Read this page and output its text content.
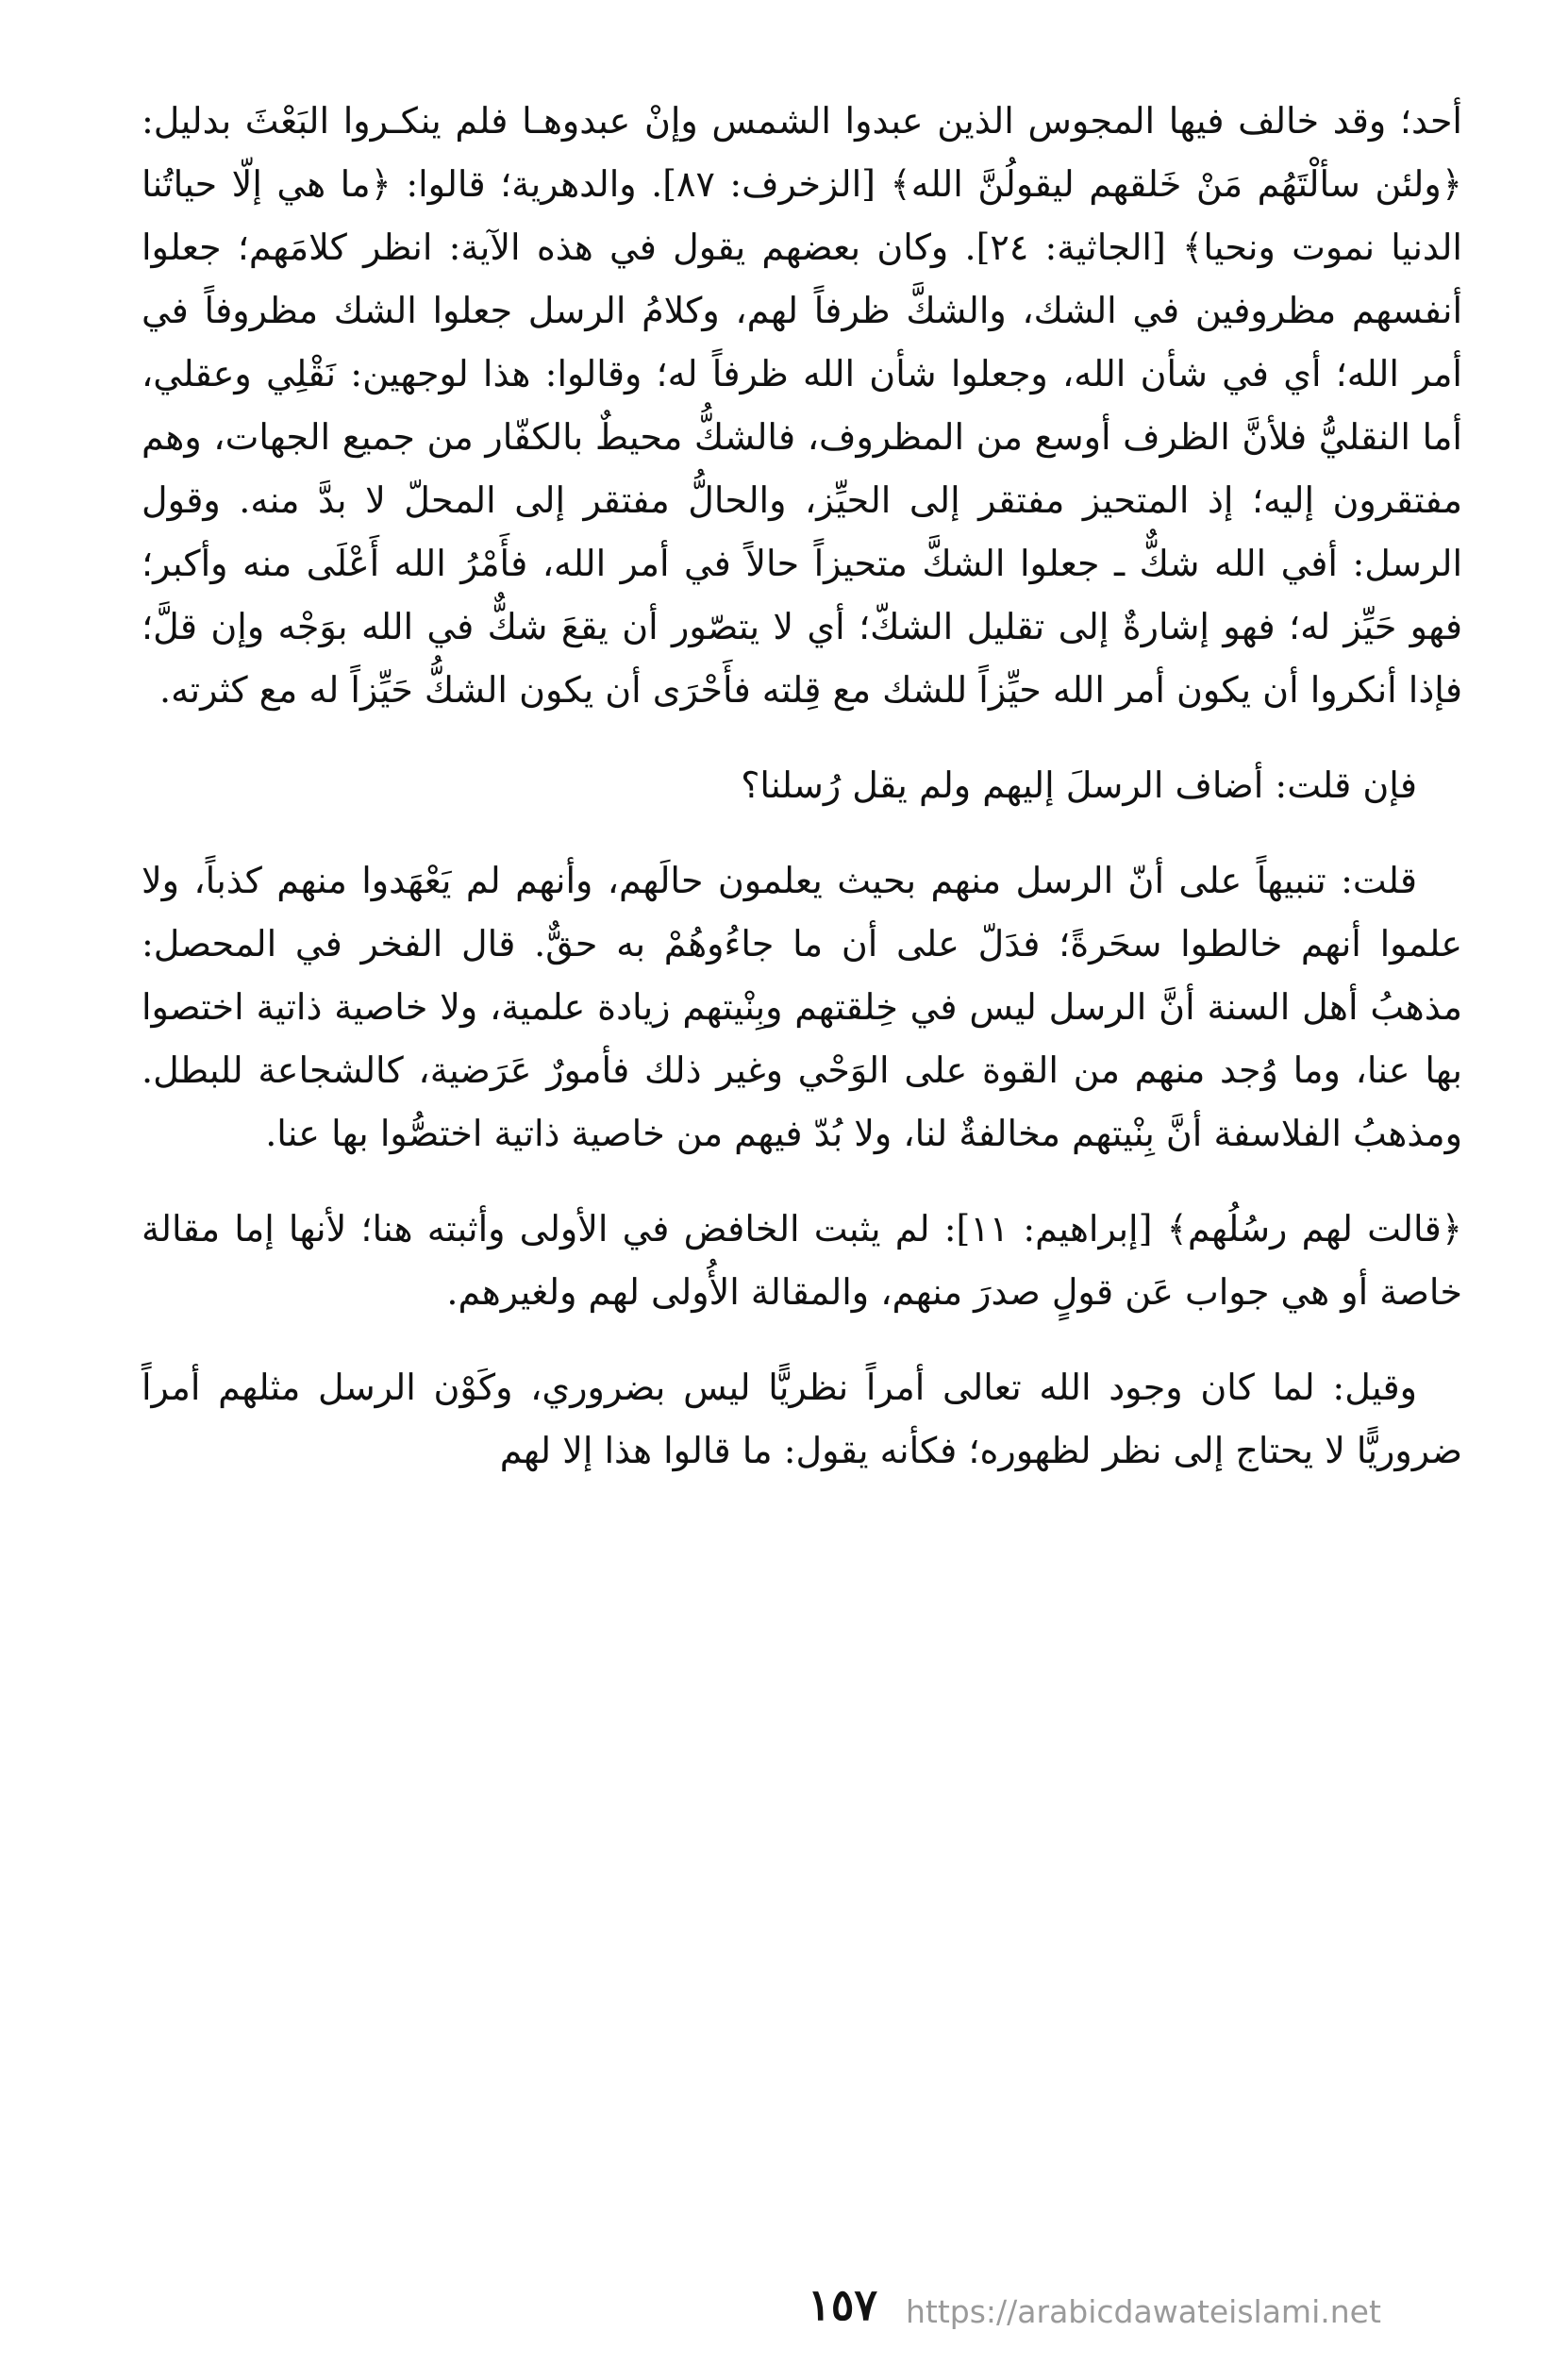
أحد؛ وقد خالف فيها المجوس الذين عبدوا الشمس وإنْ عبدوهـا فلم ينكـروا البَعْثَ بدليل: ﴿ولئن سألْتَهُم مَنْ خَلقهم ليقولُنَّ الله﴾ [الزخرف: ٨٧]. والدهرية؛ قالوا: ﴿ما هي إلّا حياتُنا الدنيا نموت ونحيا﴾ [الجاثية: ٢٤]. وكان بعضهم يقول في هذه الآية: انظر كلامَهم؛ جعلوا أنفسهم مظروفين في الشك، والشكَّ ظرفاً لهم، وكلامُ الرسل جعلوا الشك مظروفاً في أمر الله؛ أي في شأن الله، وجعلوا شأن الله ظرفاً له؛ وقالوا: هذا لوجهين: نَقْلِي وعقلي، أما النقليُّ فلأنَّ الظرف أوسع من المظروف، فالشكُّ محيطٌ بالكفّار من جميع الجهات، وهم مفتقرون إليه؛ إذ المتحيز مفتقر إلى الحيِّز، والحالُّ مفتقر إلى المحلّ لا بدَّ منه. وقول الرسل: أفي الله شكٌّ ـ جعلوا الشكَّ متحيزاً حالاً في أمر الله، فأَمْرُ الله أَعْلَى منه وأكبر؛ فهو حَيِّز له؛ فهو إشارةٌ إلى تقليل الشكّ؛ أي لا يتصّور أن يقعَ شكٌّ في الله بوَجْه وإن قلَّ؛ فإذا أنكروا أن يكون أمر الله حيِّزاً للشك مع قِلته فأَحْرَى أن يكون الشكُّ حَيِّزاً له مع كثرته.

فإن قلت: أضاف الرسلَ إليهم ولم يقل رُسلنا؟

قلت: تنبيهاً على أنّ الرسل منهم بحيث يعلمون حالَهم، وأنهم لم يَعْهَدوا منهم كذباً، ولا علموا أنهم خالطوا سحَرةً؛ فدَلّ على أن ما جاءُوهُمْ به حقٌّ. قال الفخر في المحصل: مذهبُ أهل السنة أنَّ الرسل ليس في خِلقتهم وبِنْيتهم زيادة علمية، ولا خاصية ذاتية اختصوا بها عنا، وما وُجد منهم من القوة على الوَحْي وغير ذلك فأمورٌ عَرَضية، كالشجاعة للبطل. ومذهبُ الفلاسفة أنَّ بِنْيتهم مخالفةٌ لنا، ولا بُدّ فيهم من خاصية ذاتية اختصُّوا بها عنا.

﴿قالت لهم رسُلُهم﴾ [إبراهيم: ١١]: لم يثبت الخافض في الأولى وأثبته هنا؛ لأنها إما مقالة خاصة أو هي جواب عَن قولٍ صدرَ منهم، والمقالة الأُولى لهم ولغيرهم.

وقيل: لما كان وجود الله تعالى أمراً نظريًّا ليس بضروري، وكَوْن الرسل مثلهم أمراً ضروريًّا لا يحتاج إلى نظر لظهوره؛ فكأنه يقول: ما قالوا هذا إلا لهم

١٥٧ https://arabicdawateislami.net
